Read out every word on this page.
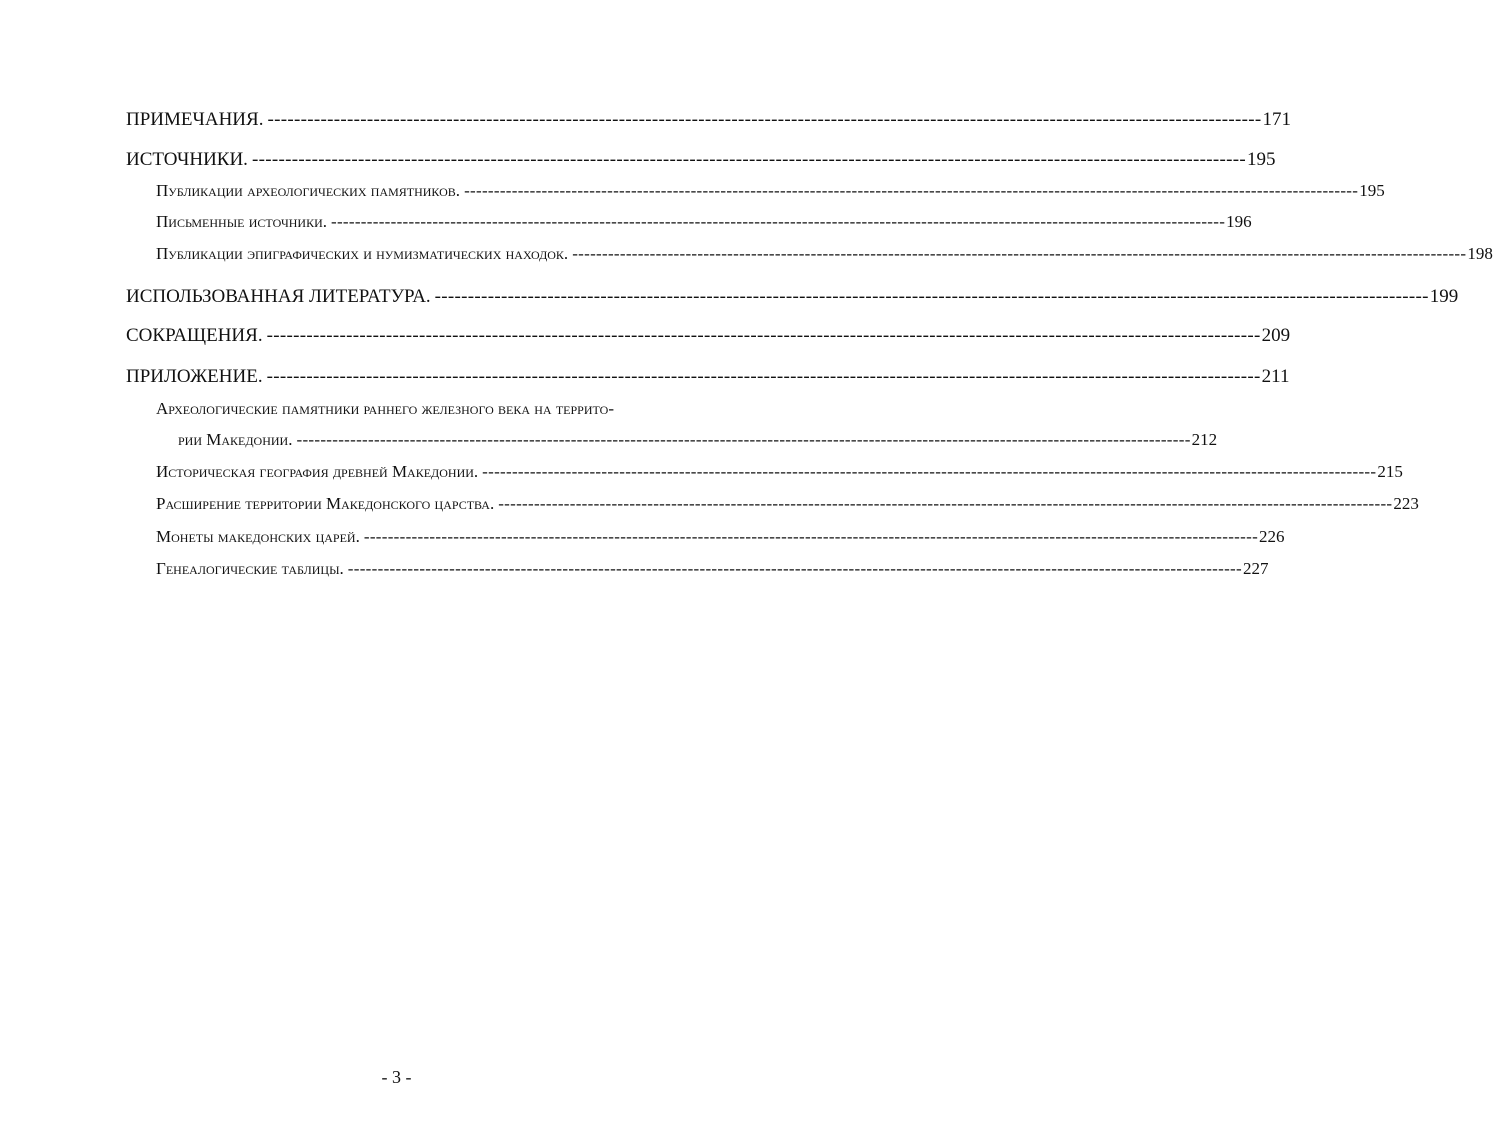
ПРИМЕЧАНИЯ. ------------------------------------------------------------------------------------------------------------------------------------------------------ 171
ИСТОЧНИКИ. ------------------------------------------------------------------------------------------------------------------------------------------------------ 195
Публикации археологических памятников. ------------------------------------------------------------------------------------------------------------------------------------------------------ 195
Письменные источники. ------------------------------------------------------------------------------------------------------------------------------------------------------ 196
Публикации эпиграфических и нумизматических находок. ------------------------------------------------------------------------------------------------------------------------------------------------------ 198
ИСПОЛЬЗОВАННАЯ ЛИТЕРАТУРА. ------------------------------------------------------------------------------------------------------------------------------------------------------ 199
СОКРАЩЕНИЯ. ------------------------------------------------------------------------------------------------------------------------------------------------------ 209
ПРИЛОЖЕНИЕ. ------------------------------------------------------------------------------------------------------------------------------------------------------ 211
Археологические памятники раннего железного века на террито-
рии Македонии. ------------------------------------------------------------------------------------------------------------------------------------------------------ 212
Историческая география древней Македонии. ------------------------------------------------------------------------------------------------------------------------------------------------------ 215
Расширение территории Македонского царства. ------------------------------------------------------------------------------------------------------------------------------------------------------ 223
Монеты македонских царей. ------------------------------------------------------------------------------------------------------------------------------------------------------ 226
Генеалогические таблицы. ------------------------------------------------------------------------------------------------------------------------------------------------------ 227
- 3 -
